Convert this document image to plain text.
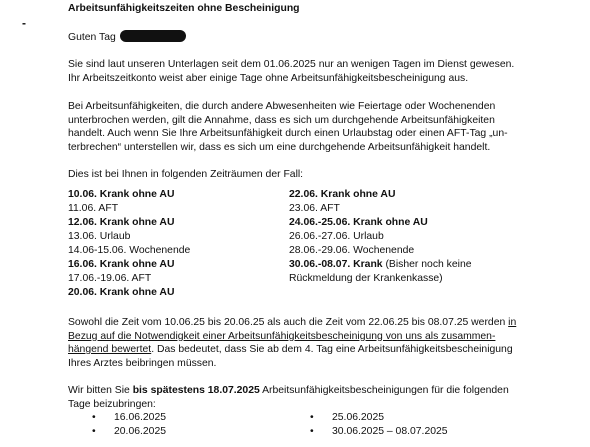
-
Arbeitsunfähigkeitszeiten ohne Bescheinigung
Guten Tag
Sie sind laut unseren Unterlagen seit dem 01.06.2025 nur an wenigen Tagen im Dienst gewesen.
Ihr Arbeitszeitkonto weist aber einige Tage ohne Arbeitsunfähigkeitsbescheinigung aus.
Bei Arbeitsunfähigkeiten, die durch andere Abwesenheiten wie Feiertage oder Wochenenden
unterbrochen werden, gilt die Annahme, dass es sich um durchgehende Arbeitsunfähigkeiten
handelt. Auch wenn Sie Ihre Arbeitsunfähigkeit durch einen Urlaubstag oder einen AFT-Tag „un-
terbrechen“ unterstellen wir, dass es sich um eine durchgehende Arbeitsunfähigkeit handelt.
Dies ist bei Ihnen in folgenden Zeiträumen der Fall:
10.06. Krank ohne AU
11.06. AFT
12.06. Krank ohne AU
13.06. Urlaub
14.06-15.06. Wochenende
16.06. Krank ohne AU
17.06.-19.06. AFT
20.06. Krank ohne AU
22.06. Krank ohne AU
23.06. AFT
24.06.-25.06. Krank ohne AU
26.06.-27.06. Urlaub
28.06.-29.06. Wochenende
30.06.-08.07. Krank (Bisher noch keine
Rückmeldung der Krankenkasse)
Sowohl die Zeit vom 10.06.25 bis 20.06.25 als auch die Zeit vom 22.06.25 bis 08.07.25 werden in
Bezug auf die Notwendigkeit einer Arbeitsunfähigkeitsbescheinigung von uns als zusammen-
hängend bewertet. Das bedeutet, dass Sie ab dem 4. Tag eine Arbeitsunfähigkeitsbescheinigung
Ihres Arztes beibringen müssen.
Wir bitten Sie bis spätestens 18.07.2025 Arbeitsunfähigkeitsbescheinigungen für die folgenden
Tage beizubringen:
• 16.06.2025
• 20.06.2025
• 25.06.2025
• 30.06.2025 – 08.07.2025
